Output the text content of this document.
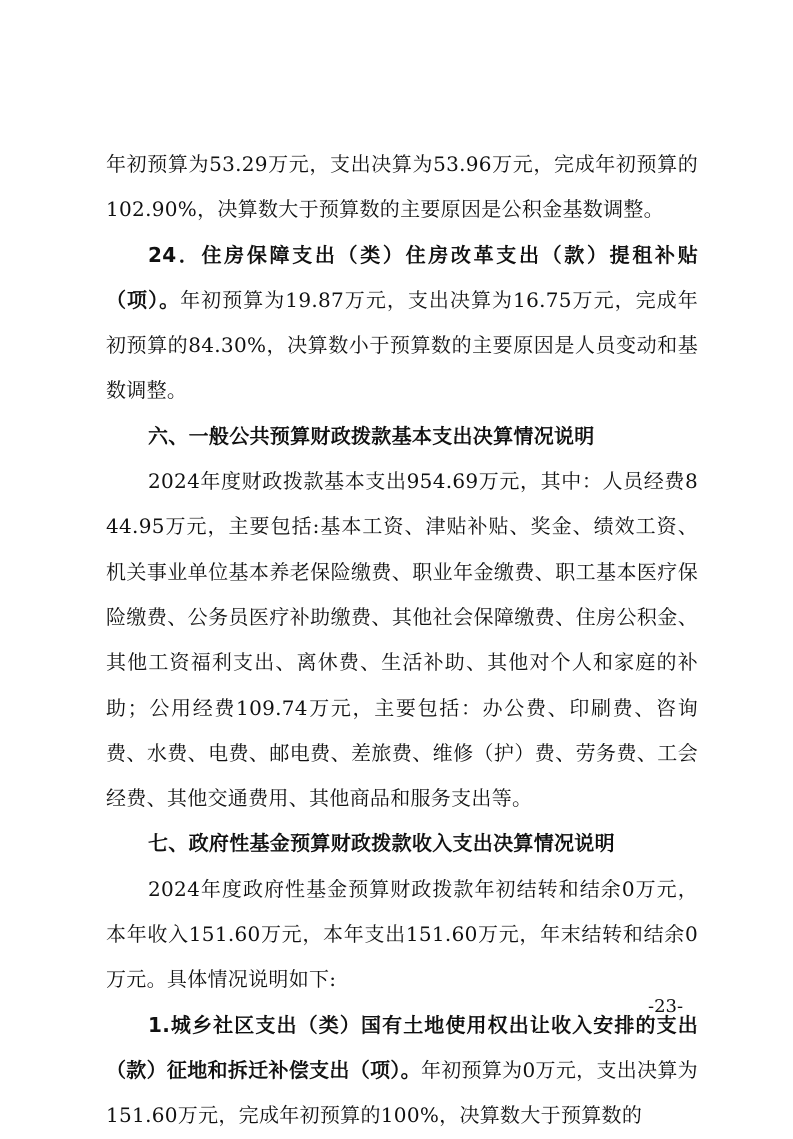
年初预算为53.29万元，支出决算为53.96万元，完成年初预算的102.90%，决算数大于预算数的主要原因是公积金基数调整。

24．住房保障支出（类）住房改革支出（款）提租补贴（项）。年初预算为19.87万元，支出决算为16.75万元，完成年初预算的84.30%，决算数小于预算数的主要原因是人员变动和基数调整。

六、一般公共预算财政拨款基本支出决算情况说明

2024年度财政拨款基本支出954.69万元，其中：人员经费844.95万元，主要包括:基本工资、津贴补贴、奖金、绩效工资、机关事业单位基本养老保险缴费、职业年金缴费、职工基本医疗保险缴费、公务员医疗补助缴费、其他社会保障缴费、住房公积金、其他工资福利支出、离休费、生活补助、其他对个人和家庭的补助；公用经费109.74万元，主要包括：办公费、印刷费、咨询费、水费、电费、邮电费、差旅费、维修（护）费、劳务费、工会经费、其他交通费用、其他商品和服务支出等。

七、政府性基金预算财政拨款收入支出决算情况说明

2024年度政府性基金预算财政拨款年初结转和结余0万元，本年收入151.60万元，本年支出151.60万元，年末结转和结余0万元。具体情况说明如下:

1.城乡社区支出（类）国有土地使用权出让收入安排的支出（款）征地和拆迁补偿支出（项）。年初预算为0万元，支出决算为151.60万元，完成年初预算的100%，决算数大于预算数的

-23-
